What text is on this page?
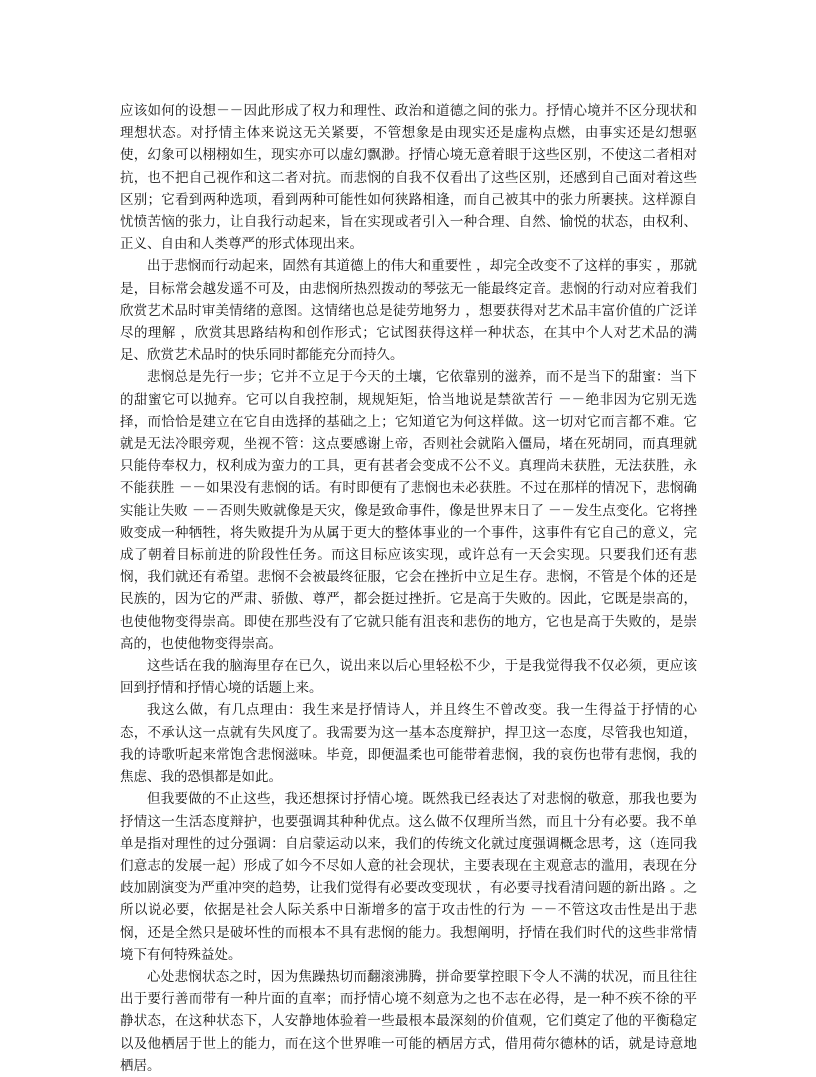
应该如何的设想－－因此形成了权力和理性、政治和道德之间的张力。抒情心境并不区分现状和理想状态。对抒情主体来说这无关紧要，不管想象是由现实还是虚构点燃，由事实还是幻想驱使，幻象可以栩栩如生，现实亦可以虚幻飘渺。抒情心境无意着眼于这些区别，不使这二者相对抗，也不把自己视作和这二者对抗。而悲悯的自我不仅看出了这些区别，还感到自己面对着这些区别；它看到两种选项，看到两种可能性如何狭路相逢，而自己被其中的张力所裹挟。这样源自忧愤苦恼的张力，让自我行动起来，旨在实现或者引入一种合理、自然、愉悦的状态，由权利、正义、自由和人类尊严的形式体现出来。

出于悲悯而行动起来，固然有其道德上的伟大和重要性 ，却完全改变不了这样的事实 ，那就是，目标常会越发遥不可及，由悲悯所热烈拨动的琴弦无一能最终定音。悲悯的行动对应着我们欣赏艺术品时审美情绪的意图。这情绪也总是徒劳地努力 ，想要获得对艺术品丰富价值的广泛详尽的理解 ，欣赏其思路结构和创作形式；它试图获得这样一种状态，在其中个人对艺术品的满足、欣赏艺术品时的快乐同时都能充分而持久。

悲悯总是先行一步；它并不立足于今天的土壤，它依靠别的滋养，而不是当下的甜蜜：当下的甜蜜它可以抛弃。它可以自我控制，规规矩矩，恰当地说是禁欲苦行 －－绝非因为它别无选择，而恰恰是建立在它自由选择的基础之上；它知道它为何这样做。这一切对它而言都不难。它就是无法冷眼旁观，坐视不管：这点要感谢上帝，否则社会就陷入僵局，堵在死胡同，而真理就只能侍奉权力，权利成为蛮力的工具，更有甚者会变成不公不义。真理尚未获胜，无法获胜，永不能获胜 －－如果没有悲悯的话。有时即便有了悲悯也未必获胜。不过在那样的情况下，悲悯确实能让失败 －－否则失败就像是天灾，像是致命事件，像是世界末日了 －－发生点变化。它将挫败变成一种牺牲，将失败提升为从属于更大的整体事业的一个事件，这事件有它自己的意义，完成了朝着目标前进的阶段性任务。而这目标应该实现，或许总有一天会实现。只要我们还有悲悯，我们就还有希望。悲悯不会被最终征服，它会在挫折中立足生存。悲悯，不管是个体的还是民族的，因为它的严肃、骄傲、尊严，都会挺过挫折。它是高于失败的。因此，它既是崇高的，也使他物变得崇高。即使在那些没有了它就只能有沮丧和悲伤的地方，它也是高于失败的，是崇高的，也使他物变得崇高。

这些话在我的脑海里存在已久，说出来以后心里轻松不少，于是我觉得我不仅必须，更应该回到抒情和抒情心境的话题上来。

我这么做，有几点理由：我生来是抒情诗人，并且终生不曾改变。我一生得益于抒情的心态，不承认这一点就有失风度了。我需要为这一基本态度辩护，捍卫这一态度，尽管我也知道，我的诗歌听起来常饱含悲悯滋味。毕竟，即便温柔也可能带着悲悯，我的哀伤也带有悲悯，我的焦虑、我的恐惧都是如此。

但我要做的不止这些，我还想探讨抒情心境。既然我已经表达了对悲悯的敬意，那我也要为抒情这一生活态度辩护，也要强调其种种优点。这么做不仅理所当然，而且十分有必要。我不单单是指对理性的过分强调：自启蒙运动以来，我们的传统文化就过度强调概念思考，这（连同我们意志的发展一起）形成了如今不尽如人意的社会现状，主要表现在主观意志的滥用，表现在分歧加剧演变为严重冲突的趋势，让我们觉得有必要改变现状 ，有必要寻找看清问题的新出路 。之所以说必要，依据是社会人际关系中日渐增多的富于攻击性的行为 －－不管这攻击性是出于悲悯，还是全然只是破坏性的而根本不具有悲悯的能力。我想阐明，抒情在我们时代的这些非常情境下有何特殊益处。

心处悲悯状态之时，因为焦躁热切而翻滚沸腾，拼命要掌控眼下令人不满的状况，而且往往出于要行善而带有一种片面的直率；而抒情心境不刻意为之也不志在必得，是一种不疾不徐的平静状态，在这种状态下，人安静地体验着一些最根本最深刻的价值观，它们奠定了他的平衡稳定以及他栖居于世上的能力，而在这个世界唯一可能的栖居方式，借用荷尔德林的话，就是诗意地栖居。
